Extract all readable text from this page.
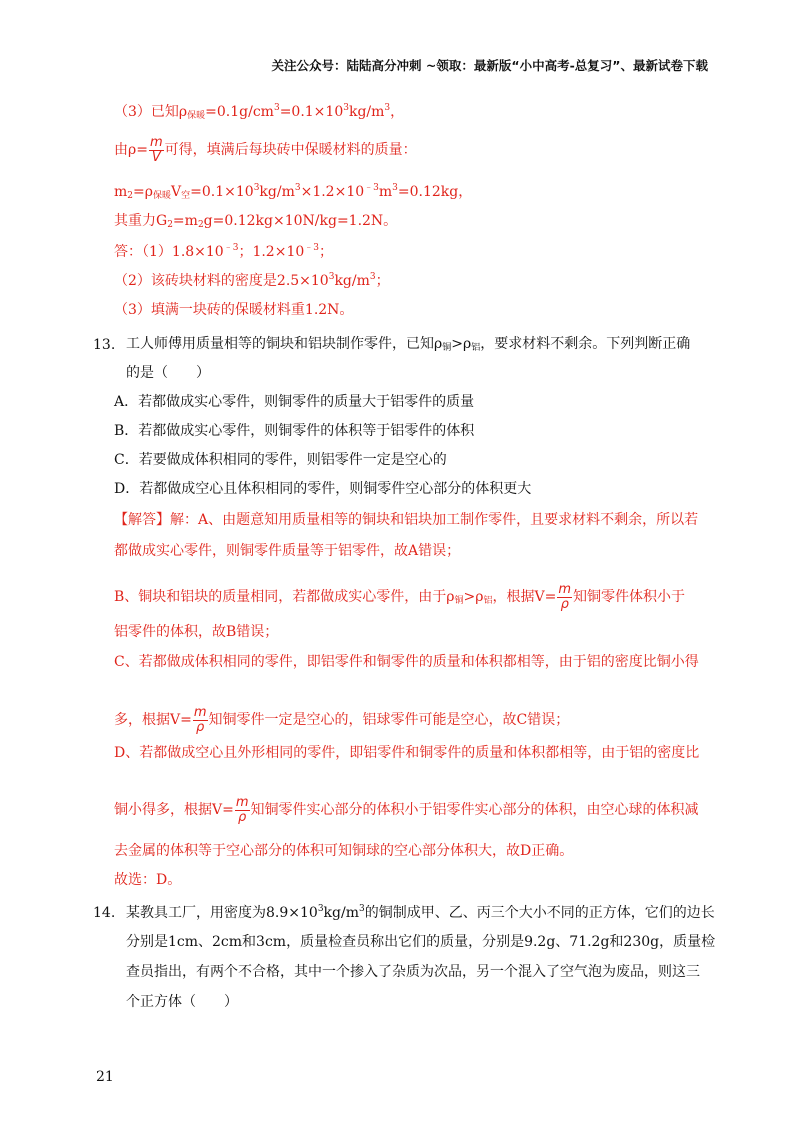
关注公众号：陆陆高分冲刺 ~领取：最新版“小中高考-总复习”、最新试卷下载
（3）已知$\rho_{保暖}=0.1g/cm^3=0.1\times 10^3kg/m^3$，
由$\rho= \frac{m}{V}$ 可得，填满后每块砖中保暖材料的质量：
$m_2=\rho_{保暖}V_空=0.1\times 10^3kg/m^3\times 1.2\times 10^{﹣3}m^3=0.12kg$，
其重力$G_2=m_2g=0.12kg\times 10N/kg=1.2N$。
答：$(1)1.8\times 10^{﹣3}$；$1.2\times 10^{﹣3}$；
（2）该砖块材料的密度是$2.5\times 10^3kg/m^3$；
（3）填满一块砖的保暖材料重1.2N。
13. 工人师傅用质量相等的铜块和铝块制作零件，已知$\rho_铜>\rho_铝$，要求材料不剩余。下列判断正确
的是（　　）
A．若都做成实心零件，则铜零件的质量大于铝零件的质量
B．若都做成实心零件，则铜零件的体积等于铝零件的体积
C．若要做成体积相同的零件，则铝零件一定是空心的
D．若都做成空心且体积相同的零件，则铜零件空心部分的体积更大
【解答】解：A、由题意知用质量相等的铜块和铝块加工制作零件，且要求材料不剩余，所以若
都做成实心零件，则铜零件质量等于铝零件，故A错误；
B、铜块和铝块的质量相同，若都做成实心零件，由于$\rho_铜>\rho_铝$，根据$V= \frac{m}{\rho}$ 知铜零件体积小于
铝零件的体积，故B错误；
C、若都做成体积相同的零件，即铝零件和铜零件的质量和体积都相等，由于铝的密度比铜小得
多，根据$V= \frac{m}{\rho}$ 知铜零件一定是空心的，铝球零件可能是空心，故C错误；
D、若都做成空心且外形相同的零件，即铝零件和铜零件的质量和体积都相等，由于铝的密度比
铜小得多，根据$V= \frac{m}{\rho}$ 知铜零件实心部分的体积小于铝零件实心部分的体积，由空心球的体积减
去金属的体积等于空心部分的体积可知铜球的空心部分体积大，故D正确。
故选：D。
14. 某教具工厂，用密度为$8.9\times 10^3kg/m^3$的铜制成甲、乙、丙三个大小不同的正方体，它们的边长
分别是1cm、2cm和3cm，质量检查员称出它们的质量，分别是9.2g、71.2g和230g，质量检
查员指出，有两个不合格，其中一个掺入了杂质为次品，另一个混入了空气泡为废品，则这三
个正方体（　　）
21
